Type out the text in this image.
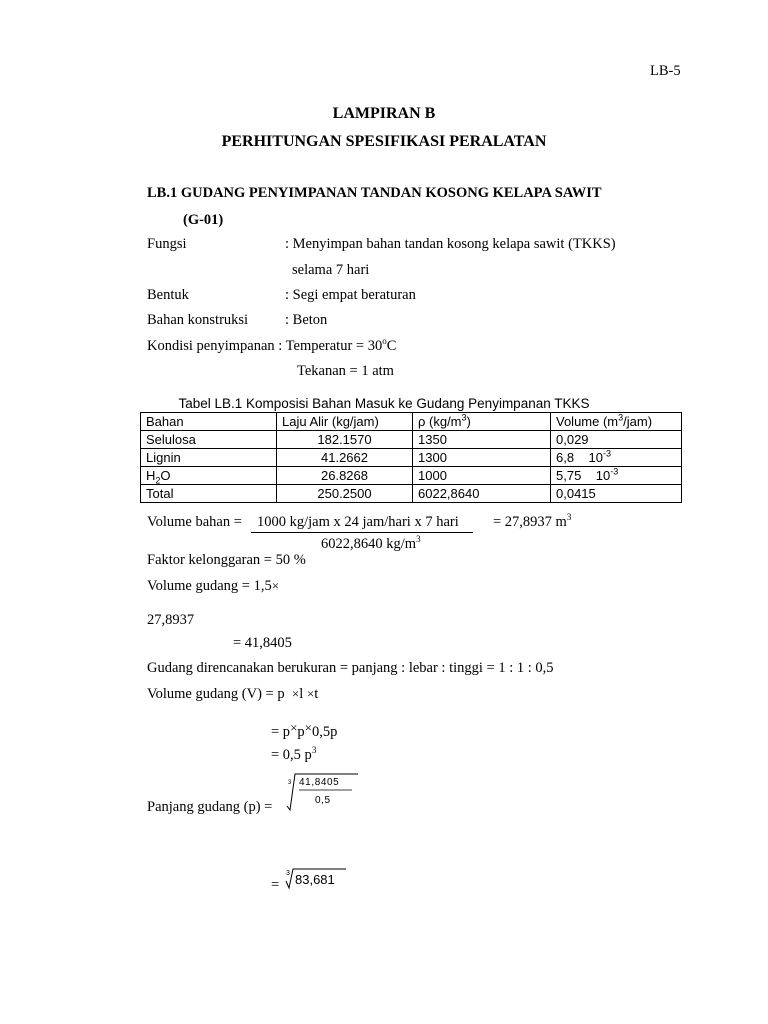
LB-5
LAMPIRAN B
PERHITUNGAN SPESIFIKASI PERALATAN
LB.1 GUDANG PENYIMPANAN TANDAN KOSONG KELAPA SAWIT
(G-01)
Fungsi	: Menyimpan bahan tandan kosong kelapa sawit (TKKS)
selama 7 hari
Bentuk	: Segi empat beraturan
Bahan konstruksi	: Beton
Kondisi penyimpanan : Temperatur = $30^oC$
Tekanan = 1 atm
Tabel LB.1 Komposisi Bahan Masuk ke Gudang Penyimpanan TKKS
Bahan	Laju Alir (kg/jam)	ρ $(kg/m^3)$	Volume $(m^3/jam)$
Selulosa	182.1570	1350	0,029
Lignin	41.2662	1300	6,8    $10^{-3}$
$H_2O$	26.8268	1000	5,75    $10^{-3}$
Total	250.2500	6022,8640	0,0415
Volume bahan = 1000 kg/jam x 24 jam/hari x 7 hari = 27,8937 $m^3$
6022,8640 $kg/m^3$
Faktor kelonggaran = 50 %
Volume gudang = 1,5×
27,8937
= 41,8405
Gudang direncanakan berukuran = panjang : lebar : tinggi = 1 : 1 : 0,5
Volume gudang (V) = p ×l ×t
= p×p×0,5p
= 0,5 $p^3$
Panjang gudang (p) =
3 41,8405
0,5
=
3 83,681
